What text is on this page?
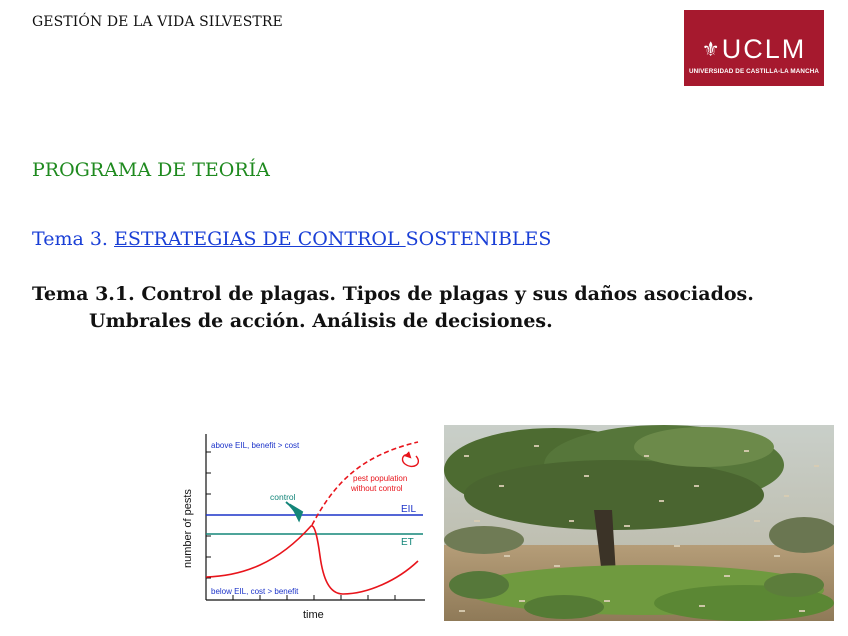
GESTIÓN DE LA VIDA SILVESTRE
⚜UCLM
UNIVERSIDAD DE CASTILLA-LA MANCHA
PROGRAMA DE TEORÍA
Tema 3. ESTRATEGIAS DE CONTROL SOSTENIBLES
Tema 3.1. Control de plagas. Tipos de plagas y sus daños asociados.
Umbrales de acción. Análisis de decisiones.
EIL
ET
above EIL, benefit > cost
below EIL, cost > benefit
control
pest population
without control
time
number of pests
